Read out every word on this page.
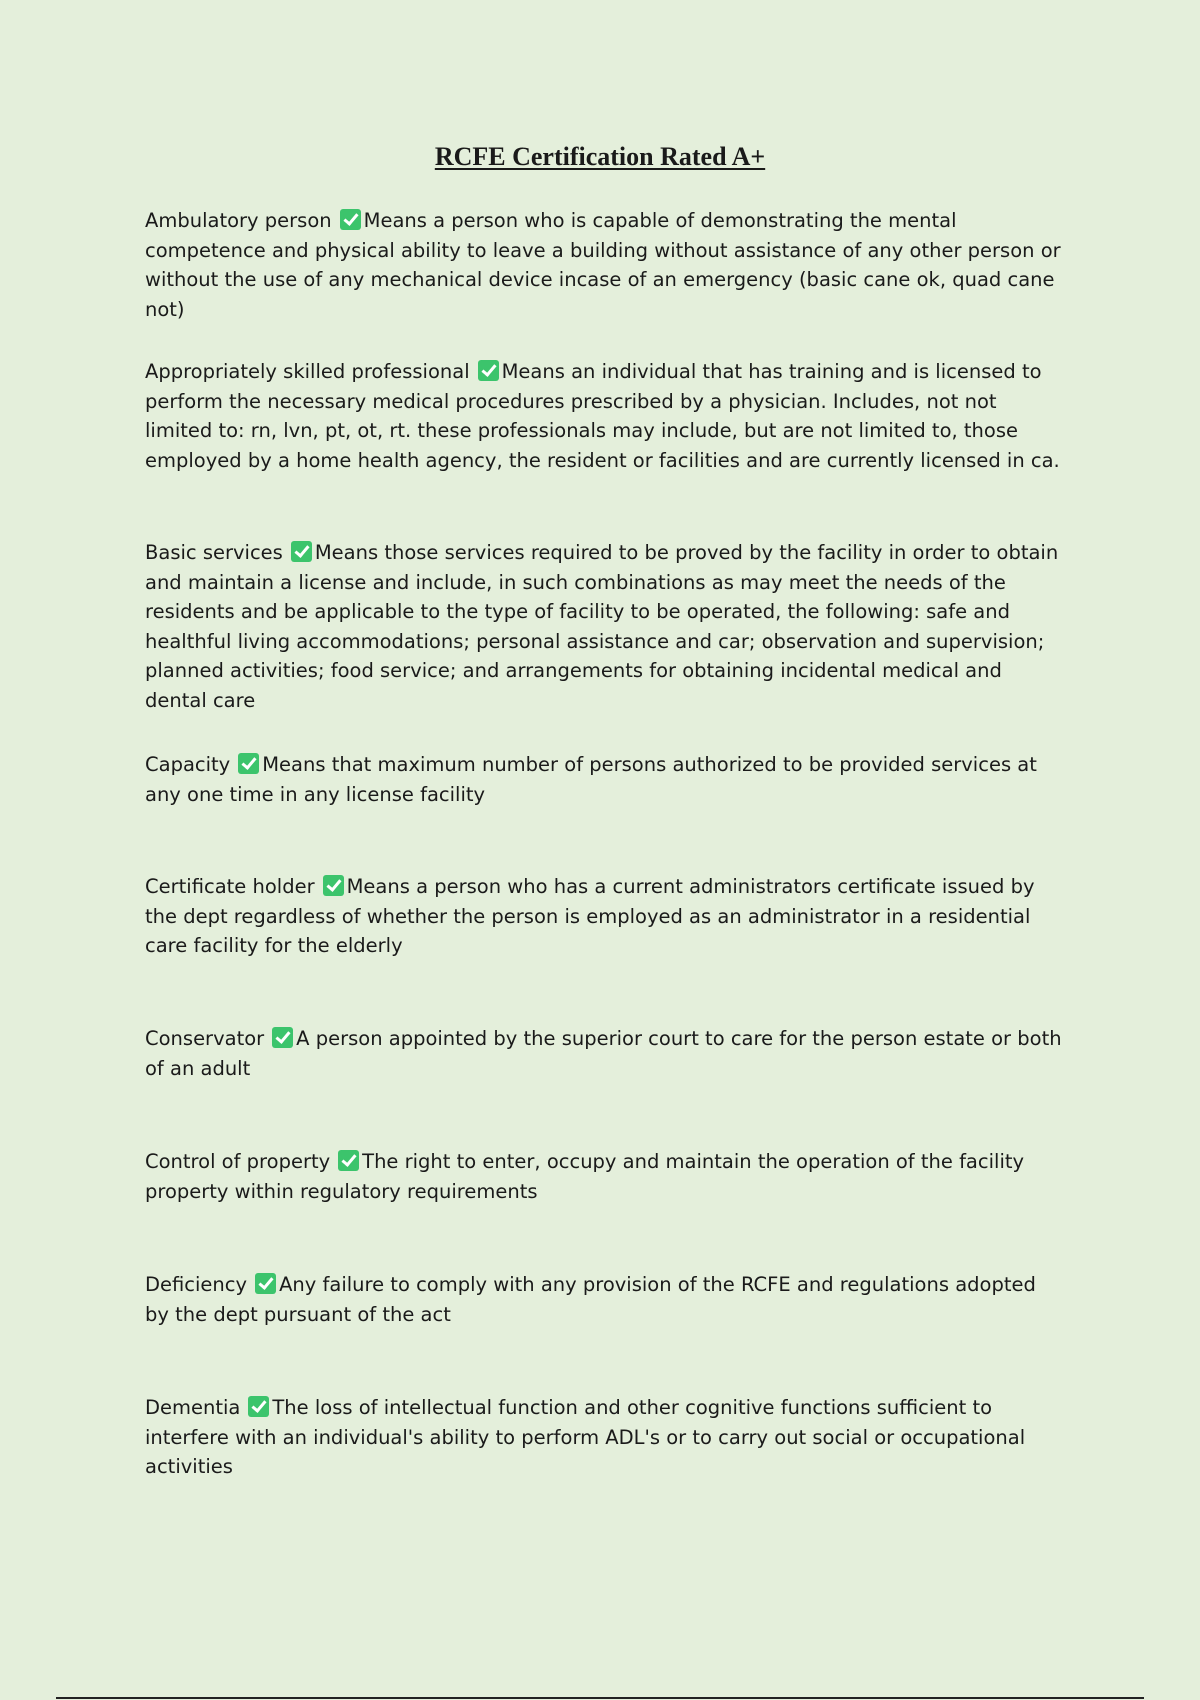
RCFE Certification Rated A+

Ambulatory person Means a person who is capable of demonstrating the mental competence and physical ability to leave a building without assistance of any other person or without the use of any mechanical device incase of an emergency (basic cane ok, quad cane not)

Appropriately skilled professional Means an individual that has training and is licensed to perform the necessary medical procedures prescribed by a physician. Includes, not not limited to: rn, lvn, pt, ot, rt. these professionals may include, but are not limited to, those employed by a home health agency, the resident or facilities and are currently licensed in ca.

Basic services Means those services required to be proved by the facility in order to obtain and maintain a license and include, in such combinations as may meet the needs of the residents and be applicable to the type of facility to be operated, the following: safe and healthful living accommodations; personal assistance and car; observation and supervision; planned activities; food service; and arrangements for obtaining incidental medical and dental care

Capacity Means that maximum number of persons authorized to be provided services at any one time in any license facility

Certificate holder Means a person who has a current administrators certificate issued by the dept regardless of whether the person is employed as an administrator in a residential care facility for the elderly

Conservator A person appointed by the superior court to care for the person estate or both of an adult

Control of property The right to enter, occupy and maintain the operation of the facility property within regulatory requirements

Deficiency Any failure to comply with any provision of the RCFE and regulations adopted by the dept pursuant of the act

Dementia The loss of intellectual function and other cognitive functions sufficient to interfere with an individual's ability to perform ADL's or to carry out social or occupational activities
